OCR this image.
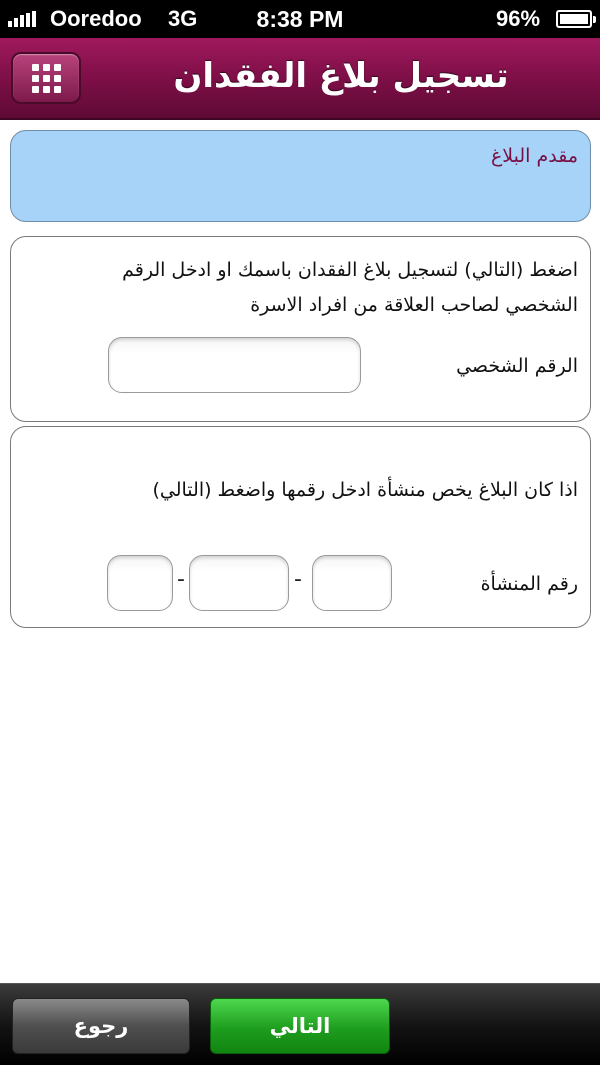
Ooredoo 3G	8:38 PM	96%
تسجيل بلاغ الفقدان
مقدم البلاغ
اضغط (التالي) لتسجيل بلاغ الفقدان باسمك او ادخل الرقم
الشخصي لصاحب العلاقة من افراد الاسرة
الرقم الشخصي
اذا كان البلاغ يخص منشأة ادخل رقمها واضغط (التالي)
رقم المنشأة
-
-
رجوع	التالي
